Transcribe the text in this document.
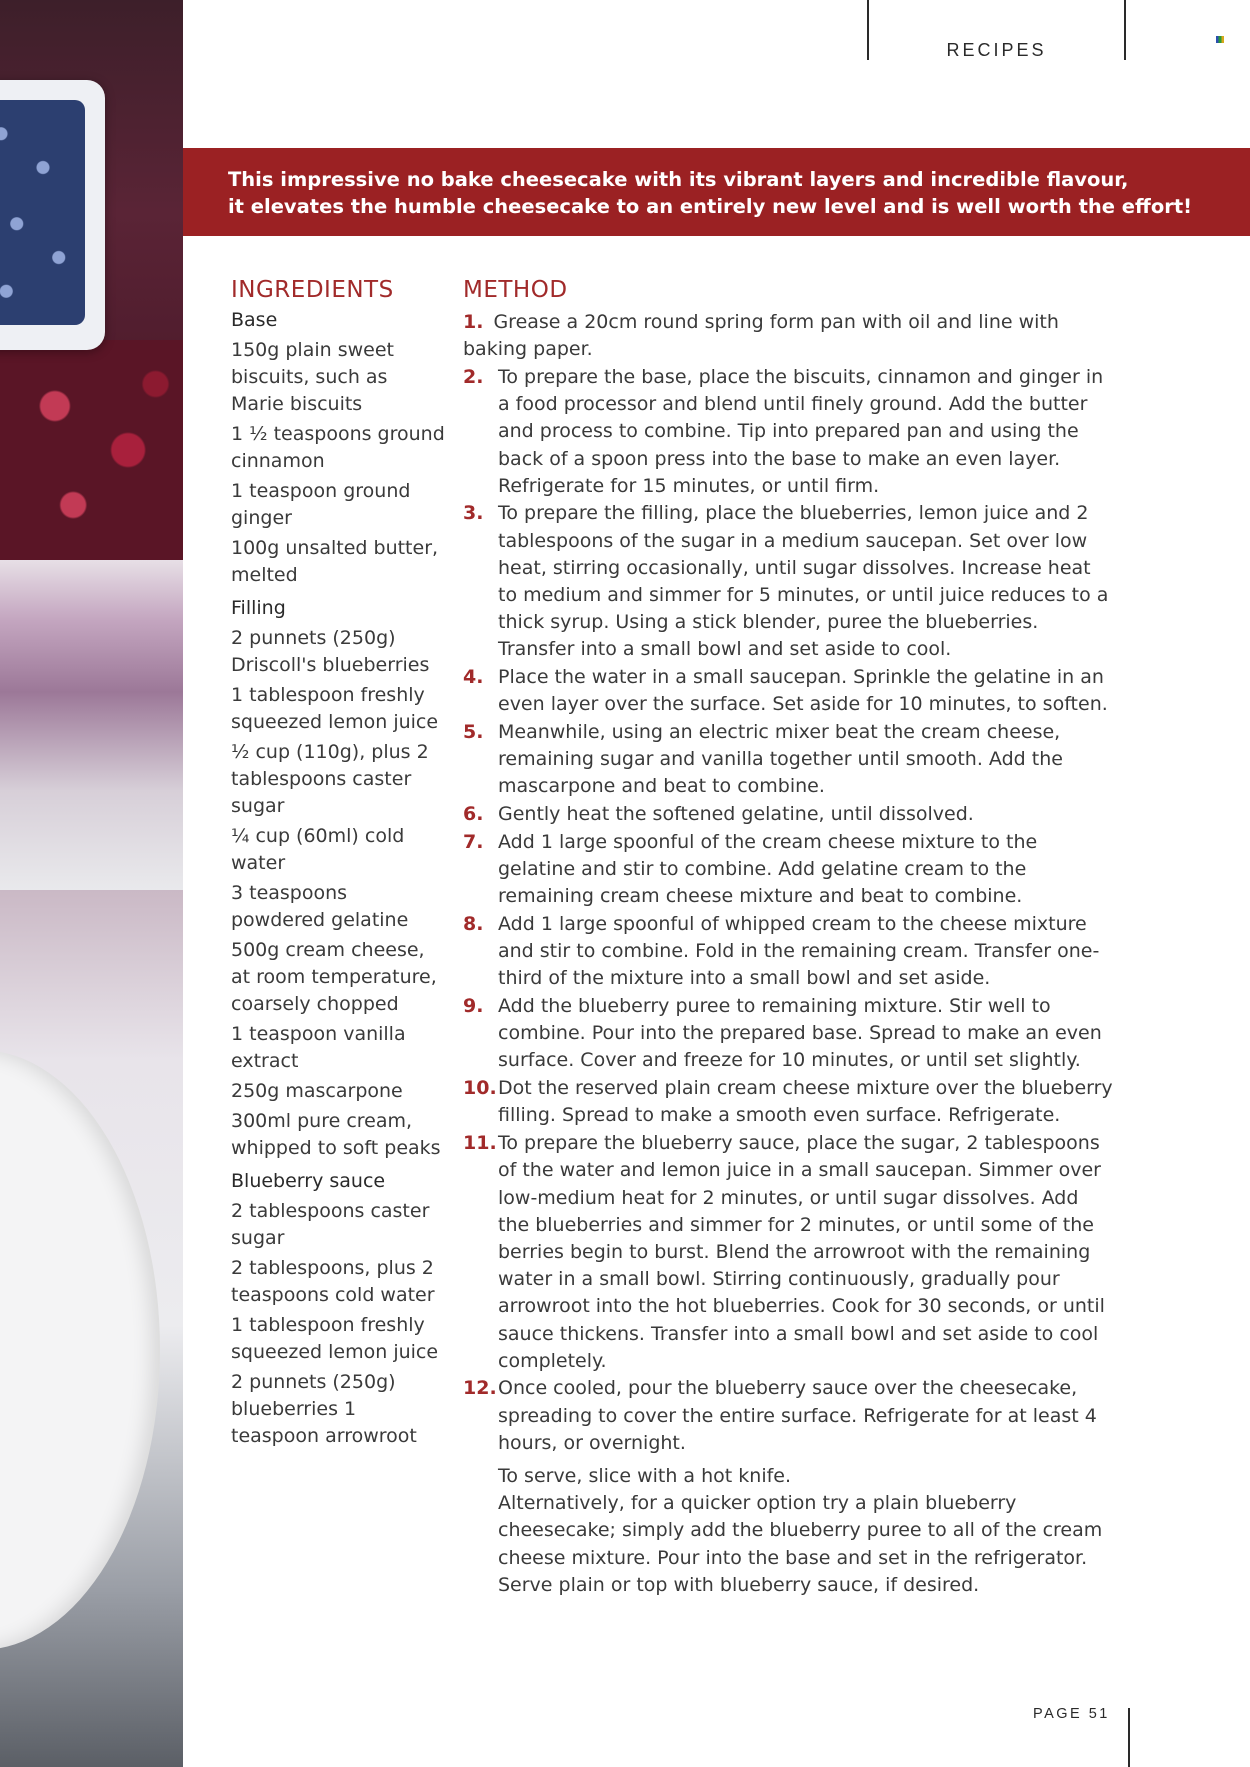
RECIPES

This impressive no bake cheesecake with its vibrant layers and incredible flavour,

it elevates the humble cheesecake to an entirely new level and is well worth the effort!

INGREDIENTS
Base
150g plain sweet biscuits, such as Marie biscuits
1 ½ teaspoons ground cinnamon
1 teaspoon ground ginger
100g unsalted butter, melted
Filling
2 punnets (250g) Driscoll's blueberries
1 tablespoon freshly squeezed lemon juice
½ cup (110g), plus 2 tablespoons caster sugar
¼ cup (60ml) cold water
3 teaspoons powdered gelatine
500g cream cheese, at room temperature, coarsely chopped
1 teaspoon vanilla extract
250g mascarpone
300ml pure cream, whipped to soft peaks
Blueberry sauce
2 tablespoons caster sugar
2 tablespoons, plus 2 teaspoons cold water
1 tablespoon freshly squeezed lemon juice
2 punnets (250g) blueberries 1 teaspoon arrowroot
METHOD
1. Grease a 20cm round spring form pan with oil and line with baking paper.
2. To prepare the base, place the biscuits, cinnamon and ginger in a food processor and blend until finely ground. Add the butter and process to combine. Tip into prepared pan and using the back of a spoon press into the base to make an even layer. Refrigerate for 15 minutes, or until firm.
3. To prepare the filling, place the blueberries, lemon juice and 2 tablespoons of the sugar in a medium saucepan. Set over low heat, stirring occasionally, until sugar dissolves. Increase heat to medium and simmer for 5 minutes, or until juice reduces to a thick syrup. Using a stick blender, puree the blueberries. Transfer into a small bowl and set aside to cool.
4. Place the water in a small saucepan. Sprinkle the gelatine in an even layer over the surface. Set aside for 10 minutes, to soften.
5. Meanwhile, using an electric mixer beat the cream cheese, remaining sugar and vanilla together until smooth. Add the mascarpone and beat to combine.
6. Gently heat the softened gelatine, until dissolved.
7. Add 1 large spoonful of the cream cheese mixture to the gelatine and stir to combine. Add gelatine cream to the remaining cream cheese mixture and beat to combine.
8. Add 1 large spoonful of whipped cream to the cheese mixture and stir to combine. Fold in the remaining cream. Transfer one-third of the mixture into a small bowl and set aside.
9. Add the blueberry puree to remaining mixture. Stir well to combine. Pour into the prepared base. Spread to make an even surface. Cover and freeze for 10 minutes, or until set slightly.
10. Dot the reserved plain cream cheese mixture over the blueberry filling. Spread to make a smooth even surface. Refrigerate.
11. To prepare the blueberry sauce, place the sugar, 2 tablespoons of the water and lemon juice in a small saucepan. Simmer over low-medium heat for 2 minutes, or until sugar dissolves. Add the blueberries and simmer for 2 minutes, or until some of the berries begin to burst. Blend the arrowroot with the remaining water in a small bowl. Stirring continuously, gradually pour arrowroot into the hot blueberries. Cook for 30 seconds, or until sauce thickens. Transfer into a small bowl and set aside to cool completely.
12. Once cooled, pour the blueberry sauce over the cheesecake, spreading to cover the entire surface. Refrigerate for at least 4 hours, or overnight.

To serve, slice with a hot knife.

Alternatively, for a quicker option try a plain blueberry cheesecake; simply add the blueberry puree to all of the cream cheese mixture. Pour into the base and set in the refrigerator. Serve plain or top with blueberry sauce, if desired.

PAGE 51
